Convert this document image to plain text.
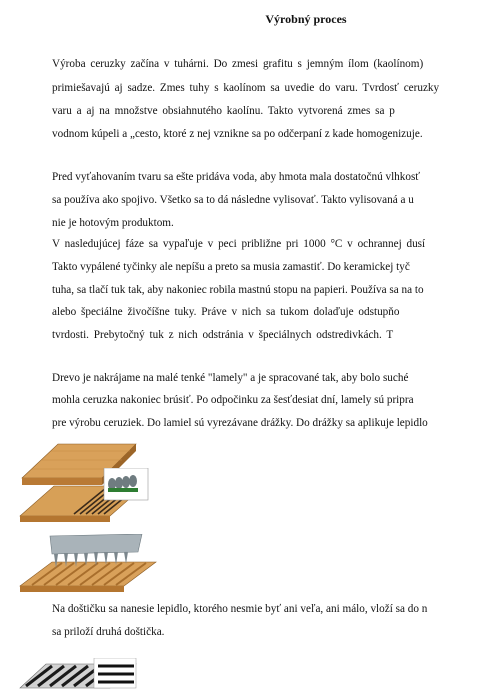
Výrobný proces
Výroba ceruzky začína v tuhárni. Do zmesi grafitu s jemným ílom (kaolínom)
primiešavajú aj sadze. Zmes tuhy s kaolínom sa uvedie do varu. Tvrdosť ceruzky
varu a aj na množstve obsiahnutého kaolínu. Takto vytvorená zmes sa p
vodnom kúpeli a „cesto, ktoré z nej vznikne sa po odčerpaní z kade homogenizuje.
Pred vyťahovaním tvaru sa ešte pridáva voda, aby hmota mala dostatočnú vlhkosť
sa používa ako spojivo. Všetko sa to dá následne vylisovať. Takto vylisovaná a u
nie je hotovým produktom.
V nasledujúcej fáze sa vypaľuje v peci približne pri 1000 °C v ochrannej dusí
Takto vypálené tyčinky ale nepíšu a preto sa musia zamastiť. Do keramickej tyč
tuha, sa tlačí tuk tak, aby nakoniec robila mastnú stopu na papieri. Používa sa na to
alebo špeciálne živočíšne tuky. Práve v nich sa tukom dolaďuje odstupňo
tvrdosti. Prebytočný tuk z nich odstránia v špeciálnych odstredivkách. T
Drevo je nakrájame na malé tenké "lamely" a je spracované tak, aby bolo suché
mohla ceruzka nakoniec brúsiť. Po odpočinku za šesťdesiat dní, lamely sú pripra
pre výrobu ceruziek. Do lamiel sú vyrezávane drážky. Do drážky sa aplikuje lepidlo
Na doštičku sa nanesie lepidlo, ktorého nesmie byť ani veľa, ani málo, vloží sa do n
sa priloží druhá doštička.
